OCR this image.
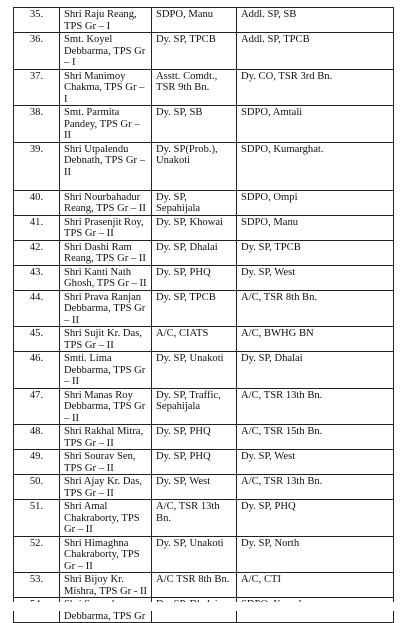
35.	Shri Raju Reang, TPS Gr – I	SDPO, Manu	Addl. SP, SB
36.	Smt. Koyel Debbarma, TPS Gr – I	Dy. SP, TPCB	Addl. SP, TPCB
37.	Shri Manimoy Chakma, TPS Gr – I	Asstt. Comdt., TSR 9th Bn.	Dy. CO, TSR 3rd Bn.
38.	Smt. Parmita Pandey, TPS Gr – II	Dy. SP, SB	SDPO, Amtali
39.	Shri Utpalendu Debnath, TPS Gr – II	Dy. SP(Prob.), Unakoti	SDPO, Kumarghat.
40.	Shri Nourbahadur Reang, TPS Gr – II	Dy. SP, Sepahijala	SDPO, Ompi
41.	Shri Prasenjit Roy, TPS Gr – II	Dy. SP, Khowai	SDPO, Manu
42.	Shri Dashi Ram Reang, TPS Gr – II	Dy. SP, Dhalai	Dy. SP, TPCB
43.	Shri Kanti Nath Ghosh, TPS Gr – II	Dy. SP, PHQ	Dy. SP, West
44.	Shri Prava Ranjan Debbarma, TPS Gr – II	Dy. SP, TPCB	A/C, TSR 8th Bn.
45.	Shri Sujit Kr. Das, TPS Gr – II	A/C, CIATS	A/C, BWHG BN
46.	Smti. Lima Debbarma, TPS Gr – II	Dy. SP, Unakoti	Dy. SP, Dhalai
47.	Shri Manas Roy Debbarma, TPS Gr – II	Dy. SP, Traffic, Sepahijala	A/C, TSR 13th Bn.
48.	Shri Rakhal Mitra, TPS Gr – II	Dy. SP, PHQ	A/C, TSR 15th Bn.
49.	Shri Sourav Sen, TPS Gr – II	Dy. SP, PHQ	Dy. SP, West
50.	Shri Ajay Kr. Das, TPS Gr – II	Dy. SP, West	A/C, TSR 13th Bn.
51.	Shri Amal Chakraborty, TPS Gr – II	A/C, TSR 13th Bn.	Dy. SP, PHQ
52.	Shri Himaghna Chakraborty, TPS Gr – II	Dy. SP, Unakoti	Dy. SP, North
53.	Shri Bijoy Kr. Mishra, TPS Gr - II	A/C TSR 8th Bn.	A/C, CTI
	Debbarma, TPS Gr		
